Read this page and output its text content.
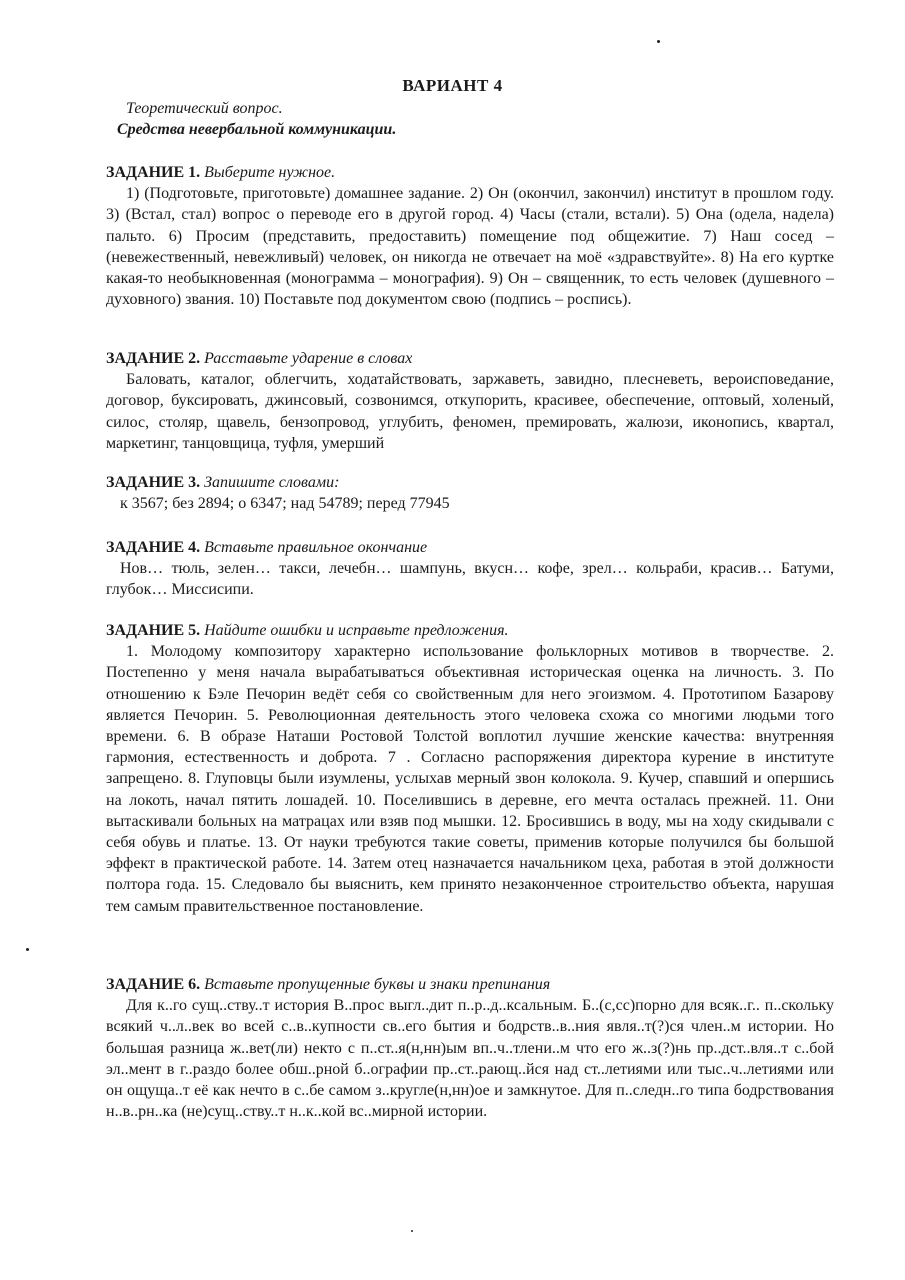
ВАРИАНТ 4
Теоретический вопрос.
Средства невербальной коммуникации.

ЗАДАНИЕ 1. Выберите нужное.

1) (Подготовьте, приготовьте) домашнее задание. 2) Он (окончил, закончил) институт в прошлом году. 3) (Встал, стал) вопрос о переводе его в другой город. 4) Часы (стали, встали). 5) Она (одела, надела) пальто. 6) Просим (представить, предоставить) помещение под общежитие. 7) Наш сосед – (невежественный, невежливый) человек, он никогда не отвечает на моё «здравствуйте». 8) На его куртке какая-то необыкновенная (монограмма – монография). 9) Он – священник, то есть человек (душевного – духовного) звания. 10) Поставьте под документом свою (подпись – роспись).

ЗАДАНИЕ 2. Расставьте ударение в словах

Баловать, каталог, облегчить, ходатайствовать, заржаветь, завидно, плесневеть, вероисповедание, договор, буксировать, джинсовый, созвонимся, откупорить, красивее, обеспечение, оптовый, холеный, силос, столяр, щавель, бензопровод, углубить, феномен, премировать, жалюзи, иконопись, квартал, маркетинг, танцовщица, туфля, умерший

ЗАДАНИЕ 3. Запишите словами:

к 3567; без 2894; о 6347; над 54789; перед 77945

ЗАДАНИЕ 4. Вставьте правильное окончание

Нов… тюль, зелен… такси, лечебн… шампунь, вкусн… кофе, зрел… кольраби, красив… Батуми, глубок… Миссисипи.

ЗАДАНИЕ 5. Найдите ошибки и исправьте предложения.

1. Молодому композитору характерно использование фольклорных мотивов в творчестве. 2. Постепенно у меня начала вырабатываться объективная историческая оценка на личность. 3. По отношению к Бэле Печорин ведёт себя со свойственным для него эгоизмом. 4. Прототипом Базарову является Печорин. 5. Революционная деятельность этого человека схожа со многими людьми того времени. 6. В образе Наташи Ростовой Толстой воплотил лучшие женские качества: внутренняя гармония, естественность и доброта. 7 . Согласно распоряжения директора курение в институте запрещено. 8. Глуповцы были изумлены, услыхав мерный звон колокола. 9. Кучер, спавший и опершись на локоть, начал пятить лошадей. 10. Поселившись в деревне, его мечта осталась прежней. 11. Они вытаскивали больных на матрацах или взяв под мышки. 12. Бросившись в воду, мы на ходу скидывали с себя обувь и платье. 13. От науки требуются такие советы, применив которые получился бы большой эффект в практической работе. 14. Затем отец назначается начальником цеха, работая в этой должности полтора года. 15. Следовало бы выяснить, кем принято незаконченное строительство объекта, нарушая тем самым правительственное постановление.

ЗАДАНИЕ 6. Вставьте пропущенные буквы и знаки препинания

Для к..го сущ..ству..т история В..прос выгл..дит п..р..д..ксальным. Б..(с,сс)порно для всяк..г.. п..скольку всякий ч..л..век во всей с..в..купности св..его бытия и бодрств..в..ния явля..т(?)ся член..м истории. Но большая разница ж..вет(ли) некто с п..ст..я(н,нн)ым вп..ч..тлени..м что его ж..з(?)нь пр..дст..вля..т с..бой эл..мент в г..раздо более обш..рной б..ографии пр..ст..рающ..йся над ст..летиями или тыс..ч..летиями или он ощуща..т её как нечто в с..бе самом з..кругле(н,нн)ое и замкнутое. Для п..следн..го типа бодрствования н..в..рн..ка (не)сущ..ству..т н..к..кой вс..мирной истории.
